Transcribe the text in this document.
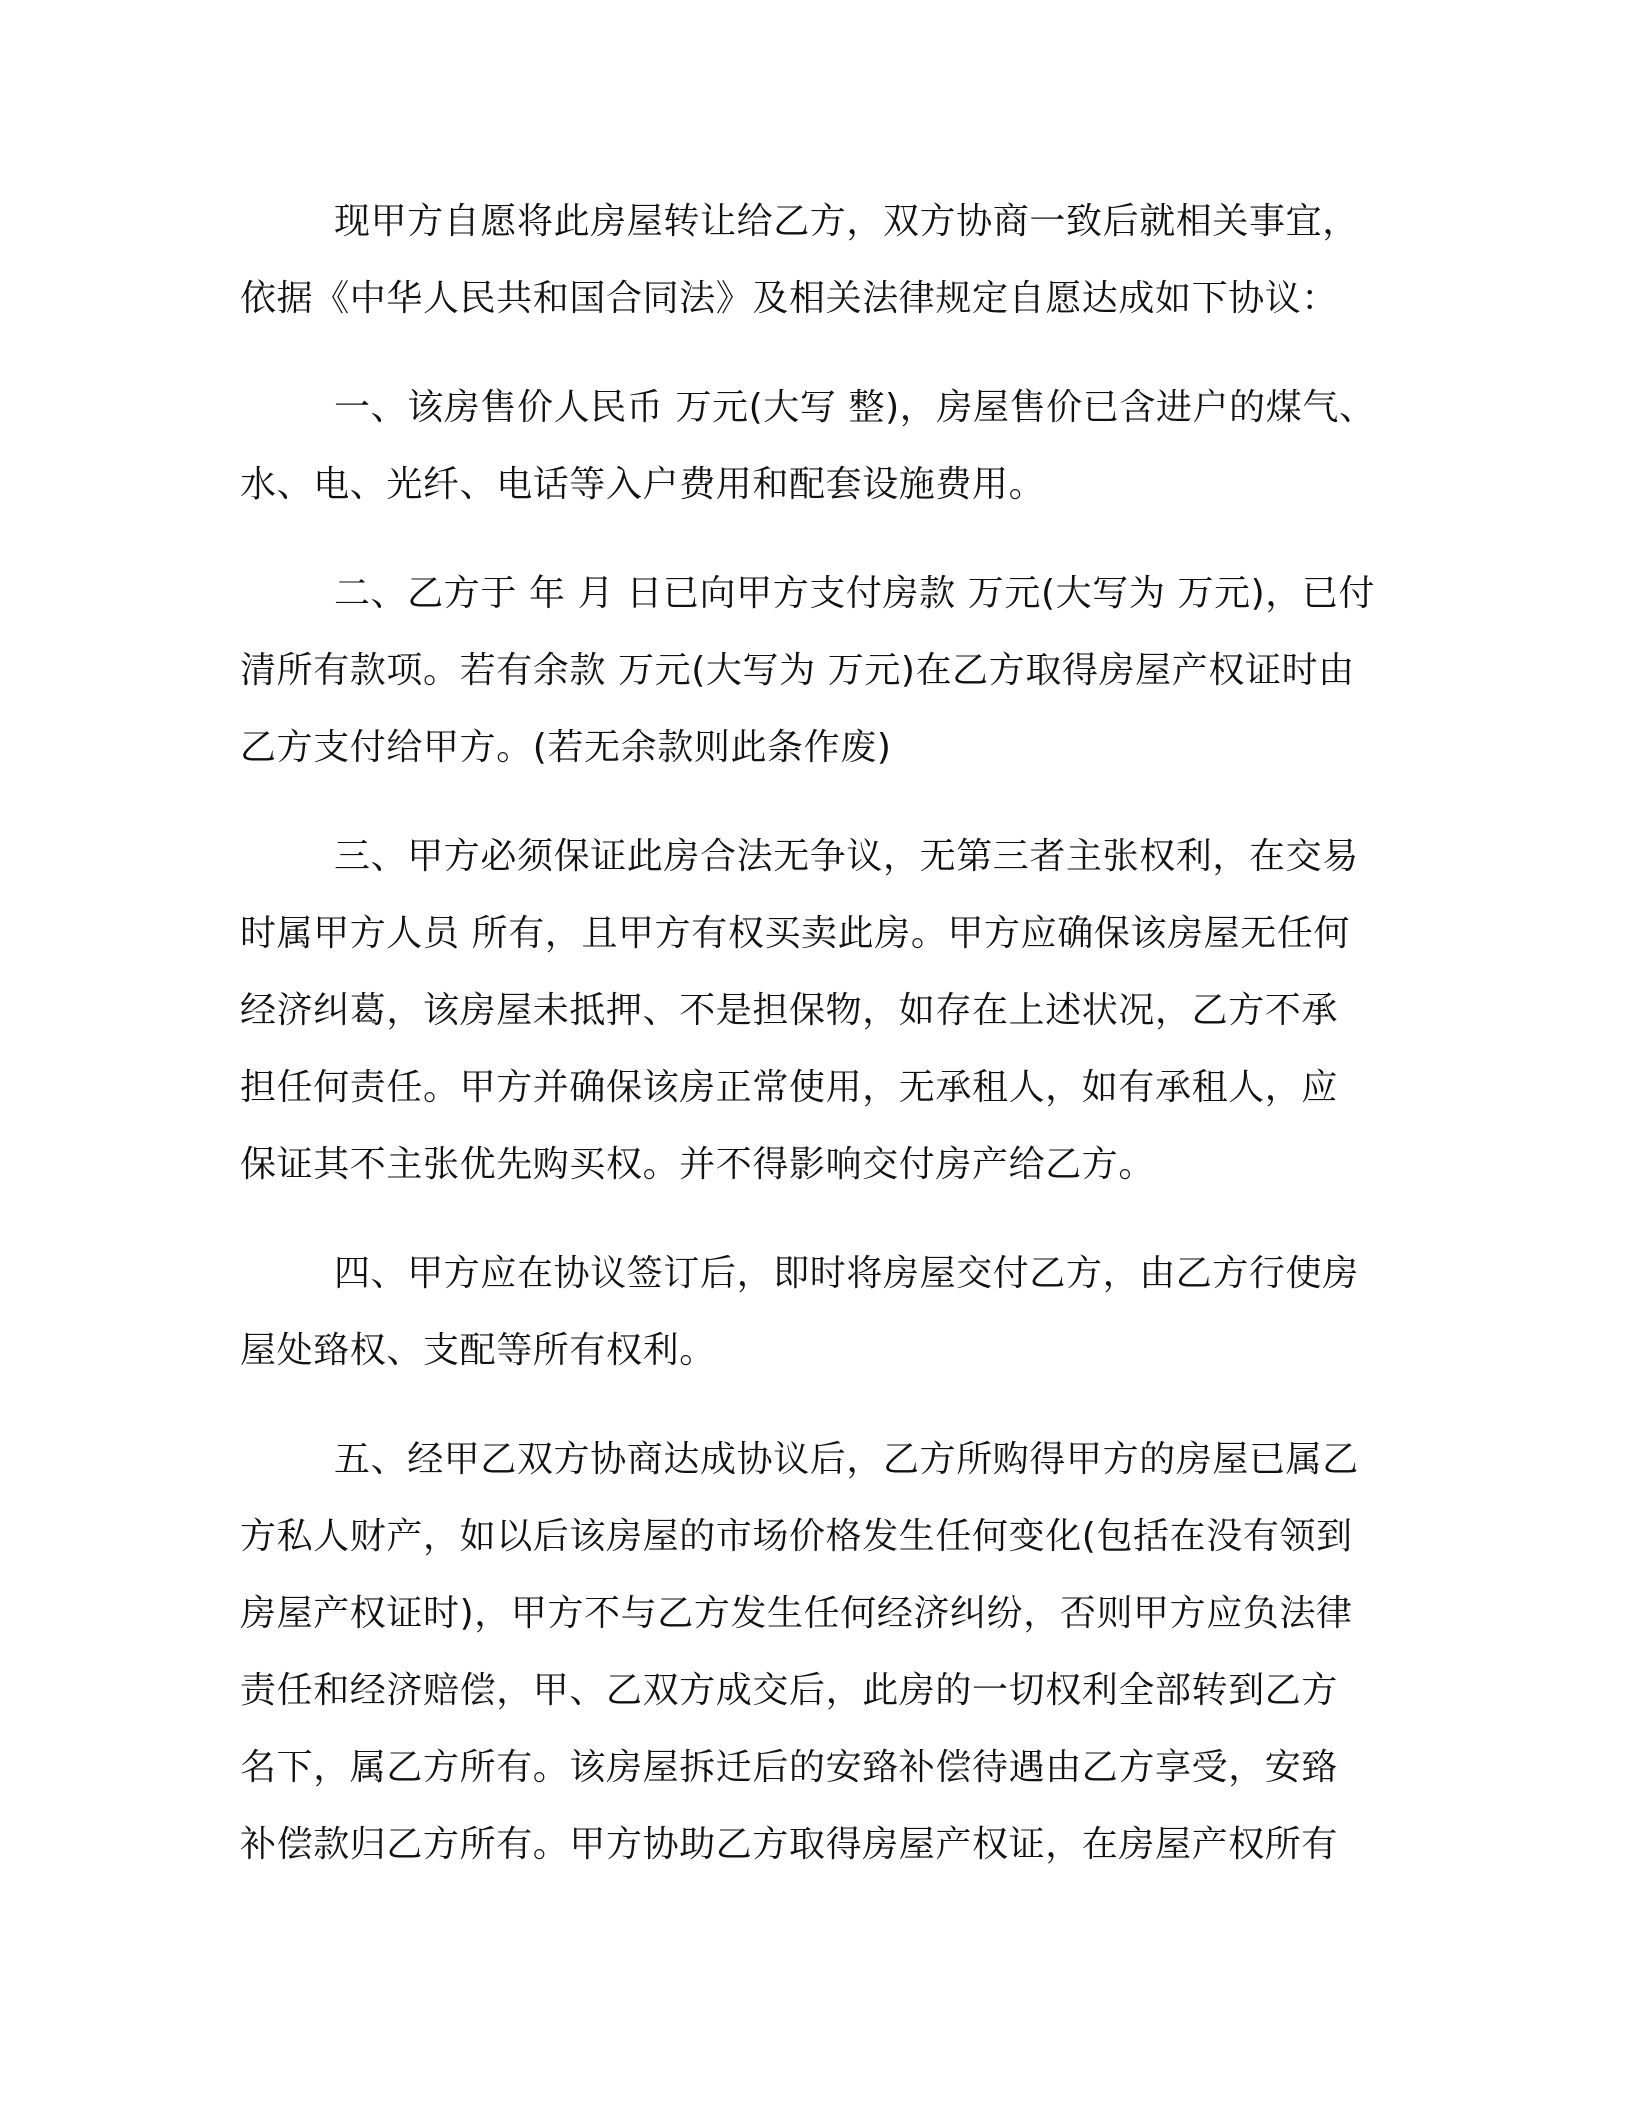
现甲方自愿将此房屋转让给乙方，双方协商一致后就相关事宜，
依据《中华人民共和国合同法》及相关法律规定自愿达成如下协议：

一、该房售价人民币 万元(大写 整)，房屋售价已含进户的煤气、
水、电、光纤、电话等入户费用和配套设施费用。

二、乙方于 年 月 日已向甲方支付房款 万元(大写为 万元)，已付
清所有款项。若有余款 万元(大写为 万元)在乙方取得房屋产权证时由
乙方支付给甲方。(若无余款则此条作废)

三、甲方必须保证此房合法无争议，无第三者主张权利，在交易
时属甲方人员 所有，且甲方有权买卖此房。甲方应确保该房屋无任何
经济纠葛，该房屋未抵押、不是担保物，如存在上述状况，乙方不承
担任何责任。甲方并确保该房正常使用，无承租人，如有承租人，应
保证其不主张优先购买权。并不得影响交付房产给乙方。

四、甲方应在协议签订后，即时将房屋交付乙方，由乙方行使房
屋处臵权、支配等所有权利。

五、经甲乙双方协商达成协议后，乙方所购得甲方的房屋已属乙
方私人财产，如以后该房屋的市场价格发生任何变化(包括在没有领到
房屋产权证时)，甲方不与乙方发生任何经济纠纷，否则甲方应负法律
责任和经济赔偿，甲、乙双方成交后，此房的一切权利全部转到乙方
名下，属乙方所有。该房屋拆迁后的安臵补偿待遇由乙方享受，安臵
补偿款归乙方所有。甲方协助乙方取得房屋产权证，在房屋产权所有
